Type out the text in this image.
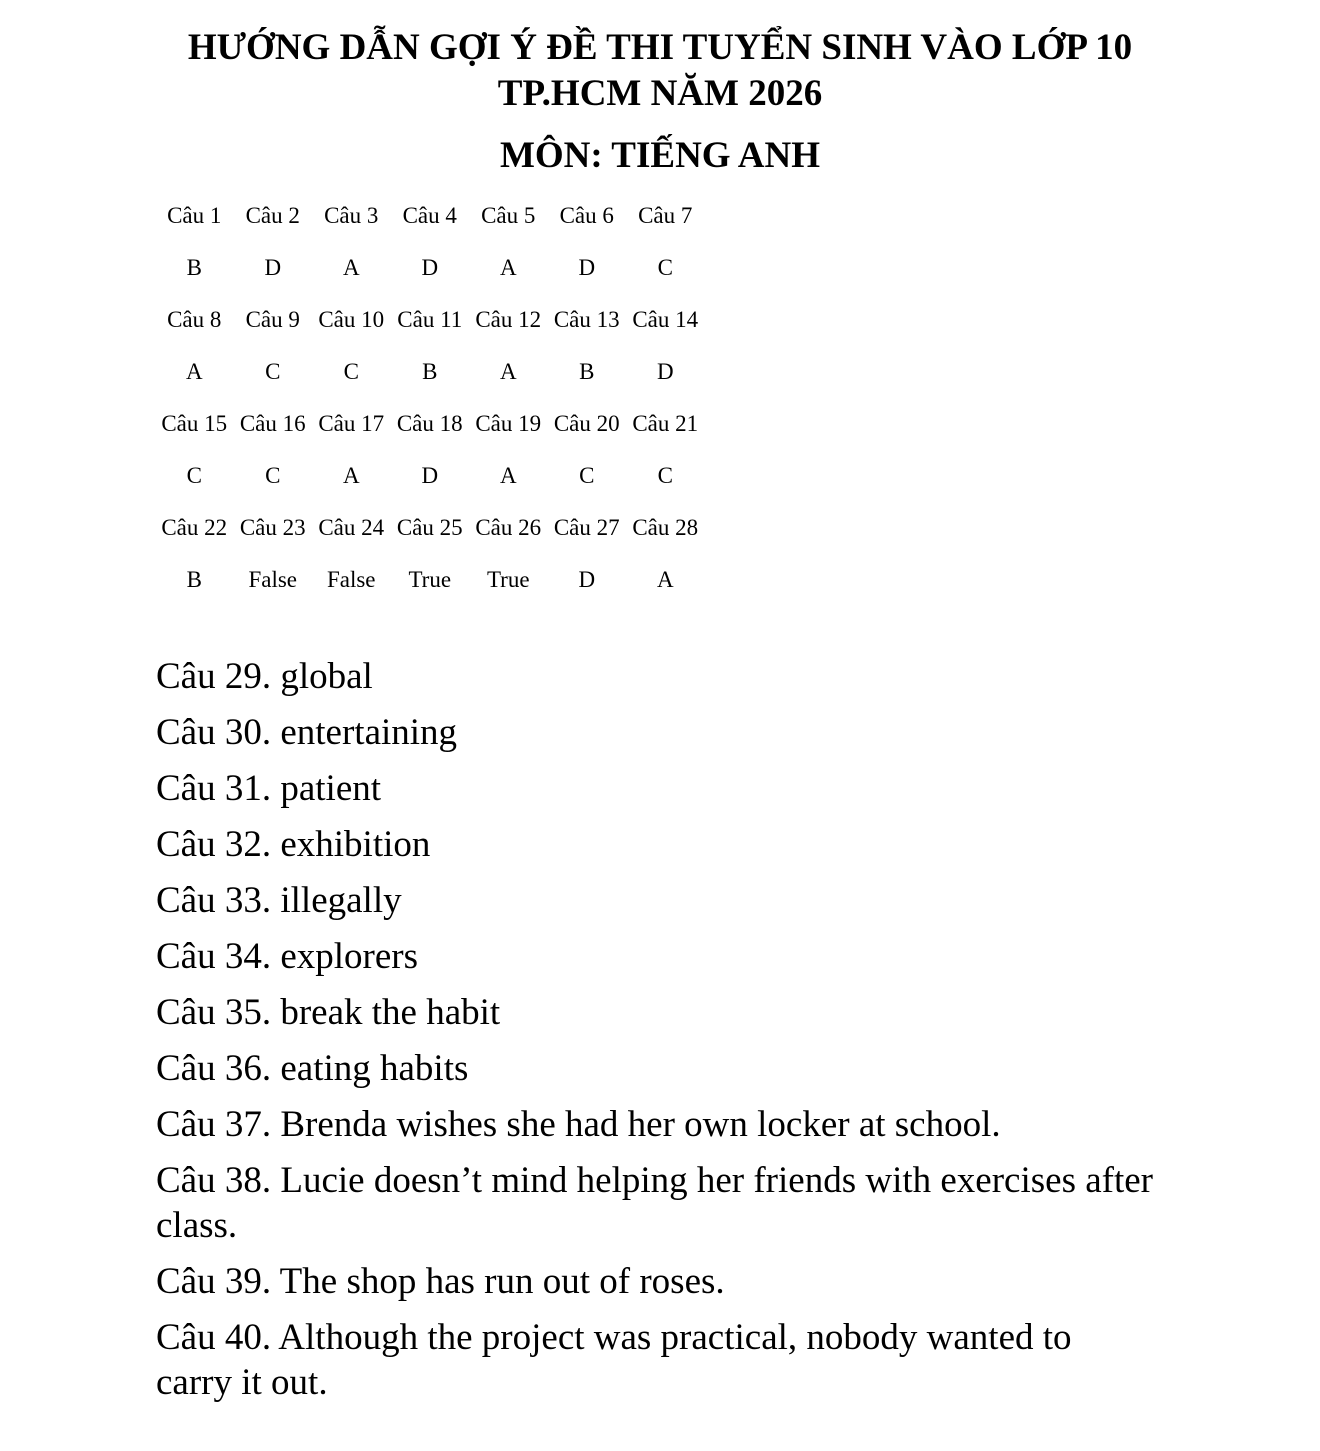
HƯỚNG DẪN GỢI Ý ĐỀ THI TUYỂN SINH VÀO LỚP 10
TP.HCM NĂM 2026
MÔN: TIẾNG ANH
Câu 1	Câu 2	Câu 3	Câu 4	Câu 5	Câu 6	Câu 7
B	D	A	D	A	D	C
Câu 8	Câu 9	Câu 10	Câu 11	Câu 12	Câu 13	Câu 14
A	C	C	B	A	B	D
Câu 15	Câu 16	Câu 17	Câu 18	Câu 19	Câu 20	Câu 21
C	C	A	D	A	C	C
Câu 22	Câu 23	Câu 24	Câu 25	Câu 26	Câu 27	Câu 28
B	False	False	True	True	D	A
Câu 29. global
Câu 30. entertaining
Câu 31. patient
Câu 32. exhibition
Câu 33. illegally
Câu 34. explorers
Câu 35. break the habit
Câu 36. eating habits
Câu 37. Brenda wishes she had her own locker at school.
Câu 38. Lucie doesn’t mind helping her friends with exercises after class.
Câu 39. The shop has run out of roses.
Câu 40. Although the project was practical, nobody wanted to carry it out.
